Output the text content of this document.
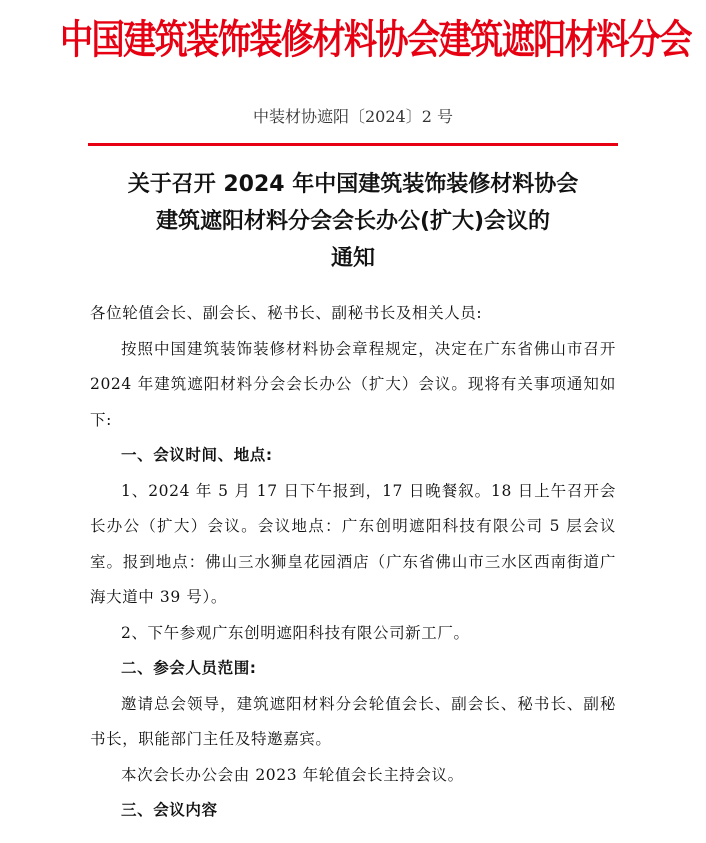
中国建筑装饰装修材料协会建筑遮阳材料分会
中装材协遮阳〔2024〕2 号
关于召开 2024 年中国建筑装饰装修材料协会
建筑遮阳材料分会会长办公(扩大)会议的
通知

各位轮值会长、副会长、秘书长、副秘书长及相关人员:

按照中国建筑装饰装修材料协会章程规定，决定在广东省佛山市召开 2024 年建筑遮阳材料分会会长办公（扩大）会议。现将有关事项通知如下:

一、会议时间、地点:

1、2024 年 5 月 17 日下午报到，17 日晚餐叙。18 日上午召开会长办公（扩大）会议。会议地点：广东创明遮阳科技有限公司 5 层会议室。报到地点：佛山三水狮皇花园酒店（广东省佛山市三水区西南街道广海大道中 39 号）。

2、下午参观广东创明遮阳科技有限公司新工厂。

二、参会人员范围:

邀请总会领导，建筑遮阳材料分会轮值会长、副会长、秘书长、副秘书长，职能部门主任及特邀嘉宾。

本次会长办公会由 2023 年轮值会长主持会议。

三、会议内容
